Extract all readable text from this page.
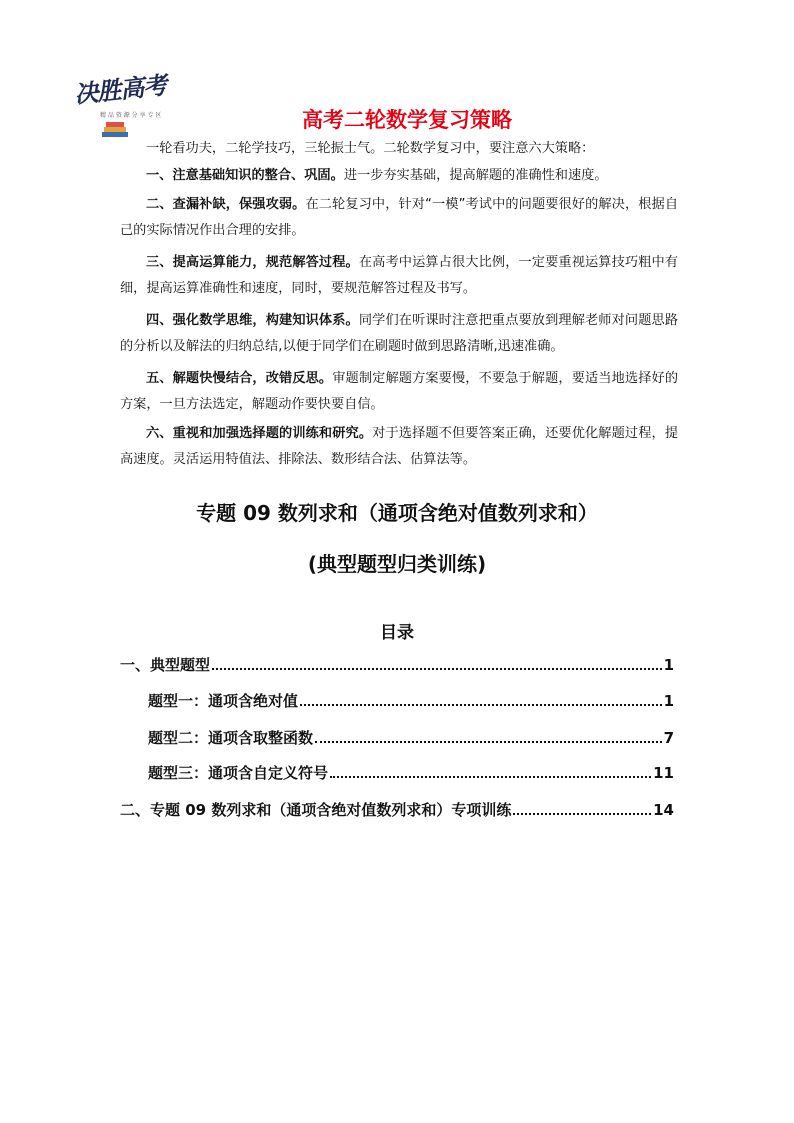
决胜高考
精 品 资 源 分 享 专 区	高考二轮数学复习策略
一轮看功夫，二轮学技巧，三轮振士气。二轮数学复习中，要注意六大策略：
一、注意基础知识的整合、巩固。进一步夯实基础，提高解题的准确性和速度。
二、查漏补缺，保强攻弱。在二轮复习中，针对“一模”考试中的问题要很好的解决，根据自己的实际情况作出合理的安排。
三、提高运算能力，规范解答过程。在高考中运算占很大比例，一定要重视运算技巧粗中有细，提高运算准确性和速度，同时，要规范解答过程及书写。
四、强化数学思维，构建知识体系。同学们在听课时注意把重点要放到理解老师对问题思路的分析以及解法的归纳总结,以便于同学们在刷题时做到思路清晰,迅速准确。
五、解题快慢结合，改错反思。审题制定解题方案要慢，不要急于解题，要适当地选择好的方案，一旦方法选定，解题动作要快要自信。
六、重视和加强选择题的训练和研究。对于选择题不但要答案正确，还要优化解题过程，提高速度。灵活运用特值法、排除法、数形结合法、估算法等。
专题 09 数列求和（通项含绝对值数列求和）
(典型题型归类训练)
目录
一、典型题型	1
题型一：通项含绝对值	1
题型二：通项含取整函数	7
题型三：通项含自定义符号	11
二、专题 09 数列求和（通项含绝对值数列求和）专项训练	14
